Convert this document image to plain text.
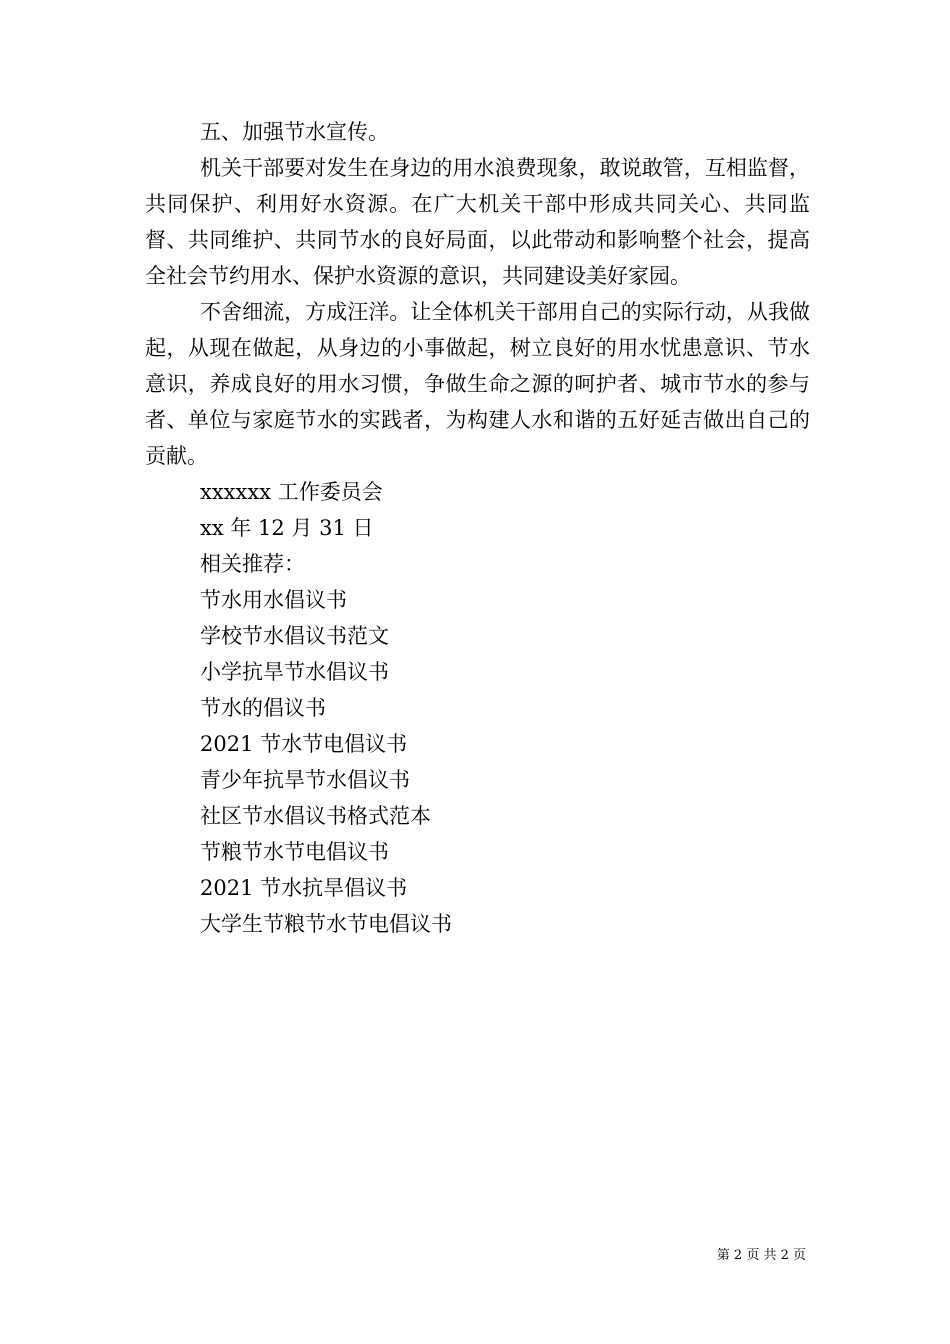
五、加强节水宣传。

机关干部要对发生在身边的用水浪费现象，敢说敢管，互相监督，共同保护、利用好水资源。在广大机关干部中形成共同关心、共同监督、共同维护、共同节水的良好局面，以此带动和影响整个社会，提高全社会节约用水、保护水资源的意识，共同建设美好家园。

不舍细流，方成汪洋。让全体机关干部用自己的实际行动，从我做起，从现在做起，从身边的小事做起，树立良好的用水忧患意识、节水意识，养成良好的用水习惯，争做生命之源的呵护者、城市节水的参与者、单位与家庭节水的实践者，为构建人水和谐的五好延吉做出自己的贡献。

xxxxxx 工作委员会

xx 年 12 月 31 日

相关推荐：

节水用水倡议书

学校节水倡议书范文

小学抗旱节水倡议书

节水的倡议书

2021 节水节电倡议书

青少年抗旱节水倡议书

社区节水倡议书格式范本

节粮节水节电倡议书

2021 节水抗旱倡议书

大学生节粮节水节电倡议书

第 2 页 共 2 页
